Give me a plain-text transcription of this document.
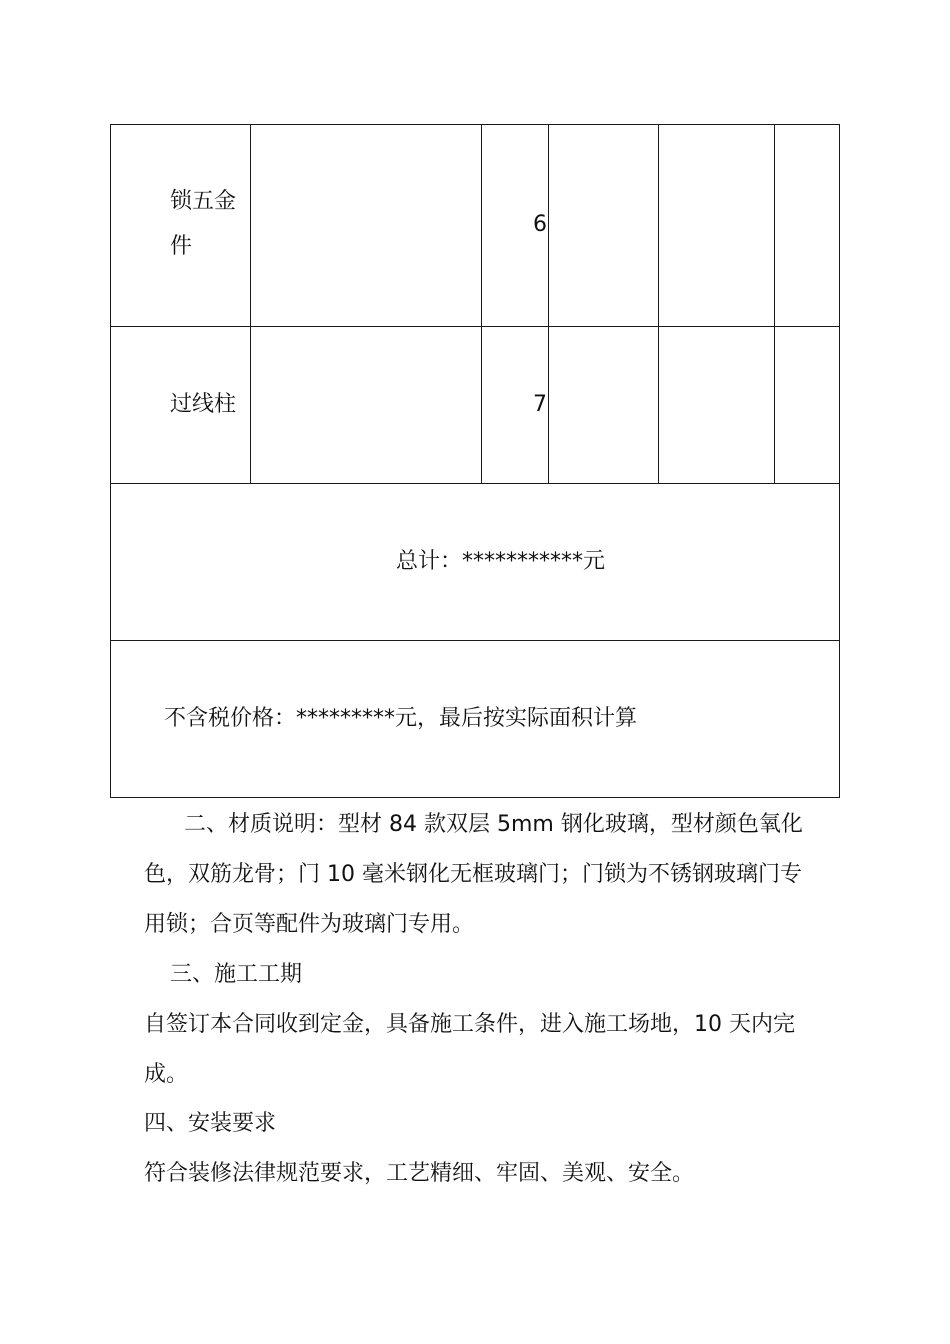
锁五金
件
6
过线柱	7
总计：***********元
不含税价格：*********元，最后按实际面积计算
二、材质说明：型材 84 款双层 5mm 钢化玻璃，型材颜色氧化色，双筋龙骨；门 10 毫米钢化无框玻璃门；门锁为不锈钢玻璃门专用锁；合页等配件为玻璃门专用。
三、施工工期
自签订本合同收到定金，具备施工条件，进入施工场地，10 天内完成。
四、安装要求
符合装修法律规范要求，工艺精细、牢固、美观、安全。
